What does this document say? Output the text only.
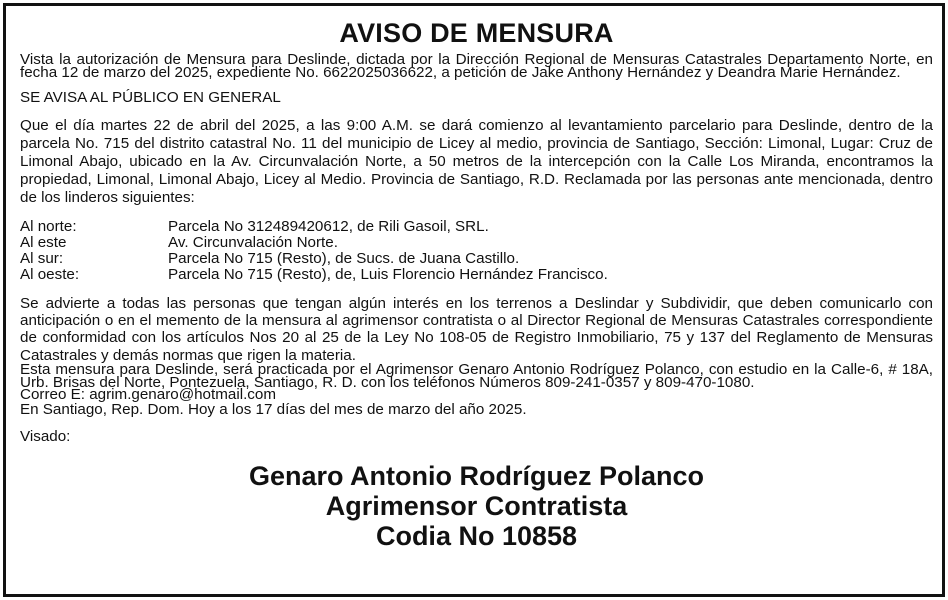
AVISO DE MENSURA

Vista la autorización de Mensura para Deslinde, dictada por la Dirección Regional de Mensuras Catastrales Departamento Norte, en fecha 12 de marzo del 2025, expediente No. 6622025036622, a petición de Jake Anthony Hernández y Deandra Marie Hernández.

SE AVISA AL PÚBLICO EN GENERAL

Que el día martes 22 de abril del 2025, a las 9:00 A.M. se dará comienzo al levantamiento parcelario para Deslinde, dentro de la parcela No. 715 del distrito catastral No. 11 del municipio de Licey al medio, provincia de Santiago, Sección: Limonal, Lugar: Cruz de Limonal Abajo, ubicado en la Av. Circunvalación Norte, a 50 metros de la intercepción con la Calle Los Miranda, encontramos la propiedad, Limonal, Limonal Abajo, Licey al Medio. Provincia de Santiago, R.D. Reclamada por las personas ante mencionada, dentro de los linderos siguientes:

Al norte:	Parcela No 312489420612, de Rili Gasoil, SRL.
Al este	Av. Circunvalación Norte.
Al sur:	Parcela No 715 (Resto), de Sucs. de Juana Castillo.
Al oeste:	Parcela No 715 (Resto), de, Luis Florencio Hernández Francisco.

Se advierte a todas las personas que tengan algún interés en los terrenos a Deslindar y Subdividir, que deben comunicarlo con anticipación o en el memento de la mensura al agrimensor contratista o al Director Regional de Mensuras Catastrales correspondiente de conformidad con los artículos Nos 20 al 25 de la Ley No 108-05 de Registro Inmobiliario, 75 y 137 del Reglamento de Mensuras Catastrales y demás normas que rigen la materia.

Esta mensura para Deslinde, será practicada por el Agrimensor Genaro Antonio Rodríguez Polanco, con estudio en la Calle-6, # 18A, Urb. Brisas del Norte, Pontezuela, Santiago, R. D. con los teléfonos Números 809-241-0357 y 809-470-1080.

Correo E: agrim.genaro@hotmail.com

En Santiago, Rep. Dom. Hoy a los 17 días del mes de marzo del año 2025.

Visado:
Genaro Antonio Rodríguez Polanco
Agrimensor Contratista
Codia No 10858
